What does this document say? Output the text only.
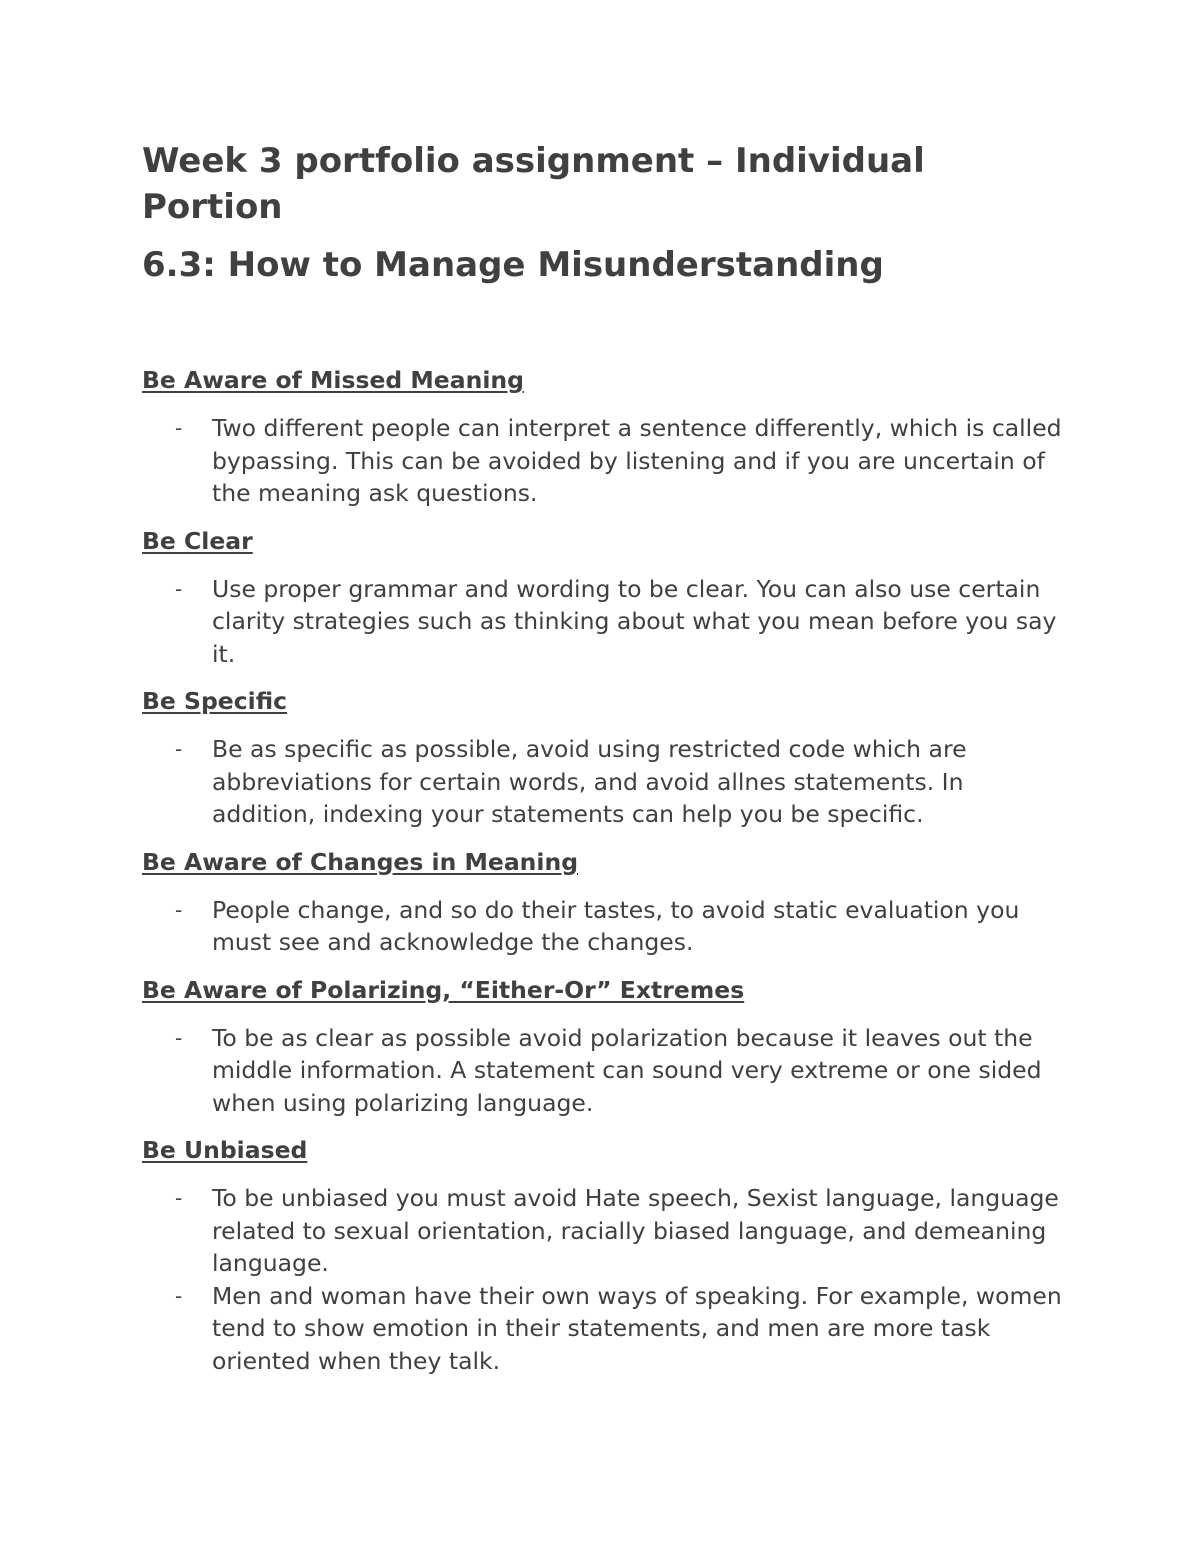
Week 3 portfolio assignment – Individual Portion
6.3: How to Manage Misunderstanding
Be Aware of Missed Meaning
- Two different people can interpret a sentence differently, which is called bypassing. This can be avoided by listening and if you are uncertain of the meaning ask questions.
Be Clear
- Use proper grammar and wording to be clear. You can also use certain clarity strategies such as thinking about what you mean before you say it.
Be Specific
- Be as specific as possible, avoid using restricted code which are abbreviations for certain words, and avoid allnes statements. In addition, indexing your statements can help you be specific.
Be Aware of Changes in Meaning
- People change, and so do their tastes, to avoid static evaluation you must see and acknowledge the changes.
Be Aware of Polarizing, “Either-Or” Extremes
- To be as clear as possible avoid polarization because it leaves out the middle information. A statement can sound very extreme or one sided when using polarizing language.
Be Unbiased
- To be unbiased you must avoid Hate speech, Sexist language, language related to sexual orientation, racially biased language, and demeaning language.
- Men and woman have their own ways of speaking. For example, women tend to show emotion in their statements, and men are more task oriented when they talk.
